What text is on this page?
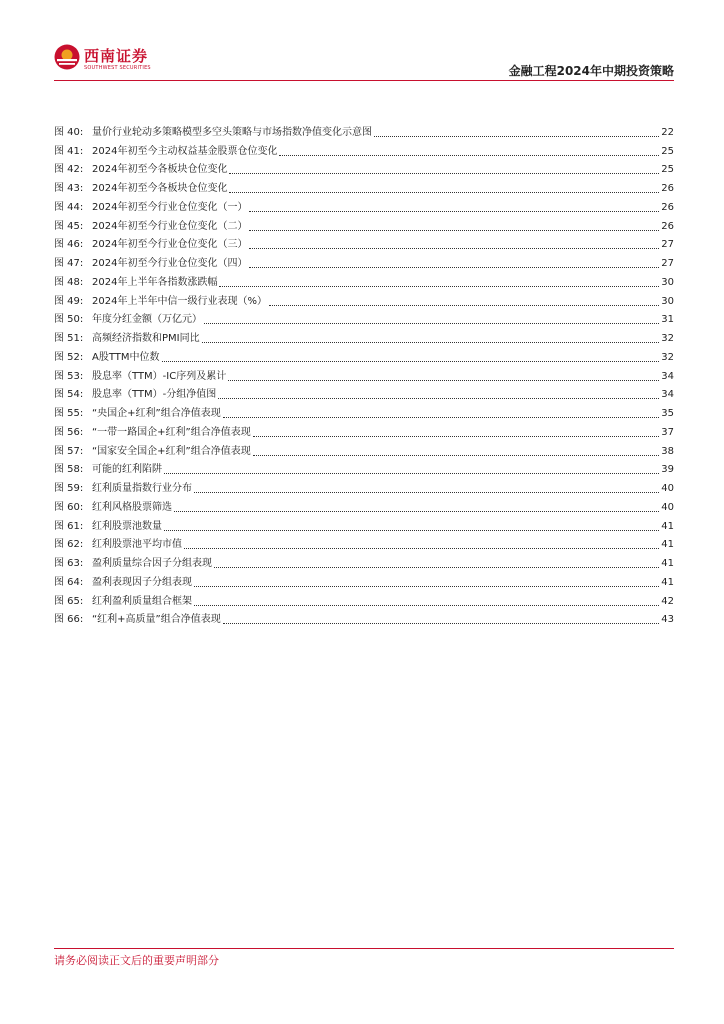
西南证券
SOUTHWEST SECURITIES	金融工程2024年中期投资策略
图 40: 量价行业轮动多策略模型多空头策略与市场指数净值变化示意图	22
图 41: 2024年初至今主动权益基金股票仓位变化	25
图 42: 2024年初至今各板块仓位变化	25
图 43: 2024年初至今各板块仓位变化	26
图 44: 2024年初至今行业仓位变化（一）	26
图 45: 2024年初至今行业仓位变化（二）	26
图 46: 2024年初至今行业仓位变化（三）	27
图 47: 2024年初至今行业仓位变化（四）	27
图 48: 2024年上半年各指数涨跌幅	30
图 49: 2024年上半年中信一级行业表现（%）	30
图 50: 年度分红金额（万亿元）	31
图 51: 高频经济指数和PMI同比	32
图 52: A股TTM中位数	32
图 53: 股息率（TTM）-IC序列及累计	34
图 54: 股息率（TTM）-分组净值图	34
图 55: “央国企+红利”组合净值表现	35
图 56: “一带一路国企+红利”组合净值表现	37
图 57: “国家安全国企+红利”组合净值表现	38
图 58: 可能的红利陷阱	39
图 59: 红利质量指数行业分布	40
图 60: 红利风格股票筛选	40
图 61: 红利股票池数量	41
图 62: 红利股票池平均市值	41
图 63: 盈利质量综合因子分组表现	41
图 64: 盈利表现因子分组表现	41
图 65: 红利盈利质量组合框架	42
图 66: “红利+高质量”组合净值表现	43
请务必阅读正文后的重要声明部分
